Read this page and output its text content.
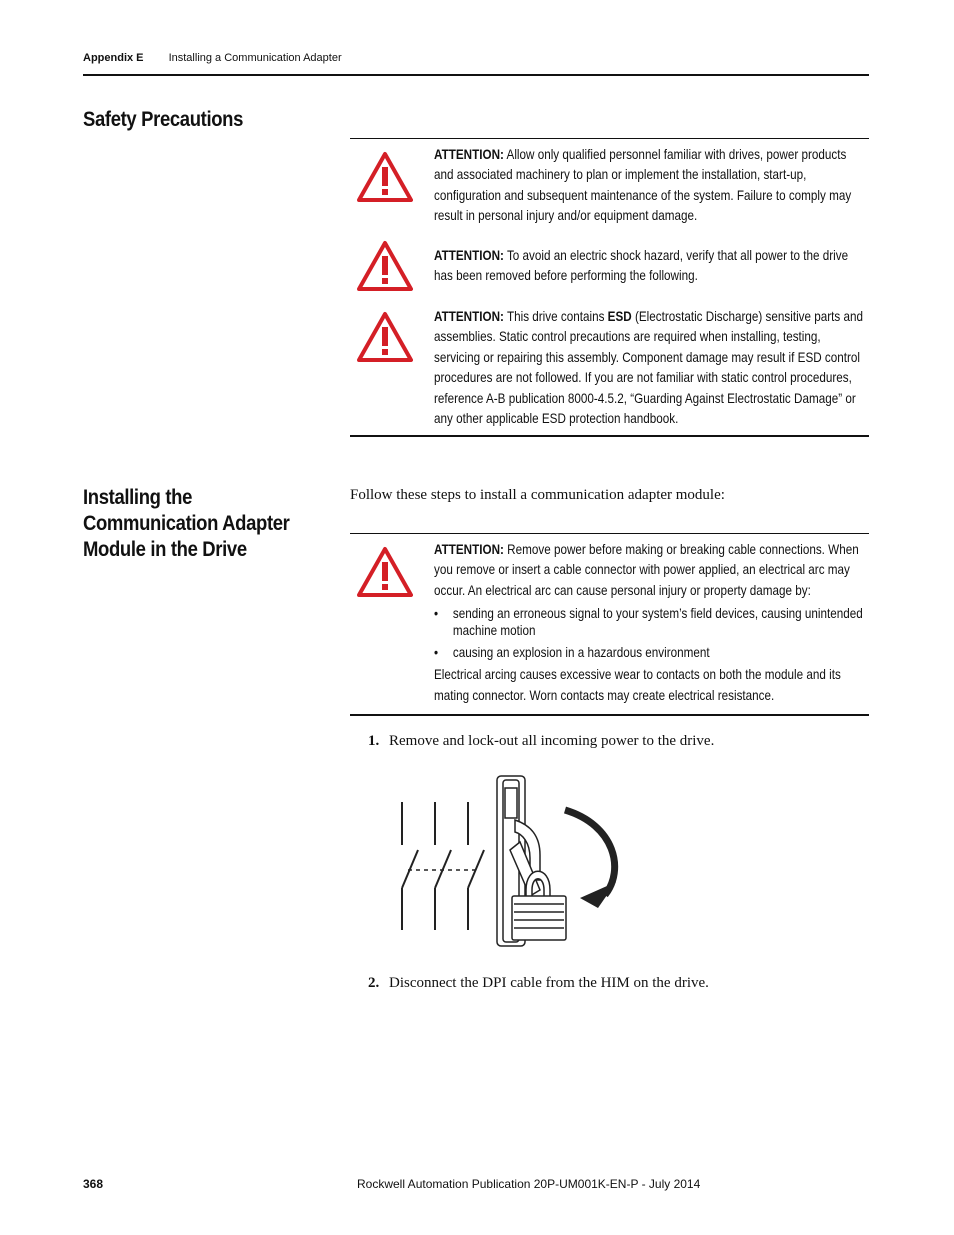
Appendix E Installing a Communication Adapter
Safety Precautions
ATTENTION: Allow only qualified personnel familiar with drives, power products and associated machinery to plan or implement the installation, start-up, configuration and subsequent maintenance of the system. Failure to comply may result in personal injury and/or equipment damage.
ATTENTION: To avoid an electric shock hazard, verify that all power to the drive has been removed before performing the following.
ATTENTION: This drive contains ESD (Electrostatic Discharge) sensitive parts and assemblies. Static control precautions are required when installing, testing, servicing or repairing this assembly. Component damage may result if ESD control procedures are not followed. If you are not familiar with static control procedures, reference A-B publication 8000-4.5.2, “Guarding Against Electrostatic Damage” or any other applicable ESD protection handbook.
Installing the
Communication Adapter
Module in the Drive
Follow these steps to install a communication adapter module:
ATTENTION: Remove power before making or breaking cable connections. When you remove or insert a cable connector with power applied, an electrical arc may occur. An electrical arc can cause personal injury or property damage by:
• sending an erroneous signal to your system’s field devices, causing unintended machine motion
• causing an explosion in a hazardous environment
Electrical arcing causes excessive wear to contacts on both the module and its mating connector. Worn contacts may create electrical resistance.
1. Remove and lock-out all incoming power to the drive.
2. Disconnect the DPI cable from the HIM on the drive.
368	Rockwell Automation Publication 20P-UM001K-EN-P - July 2014
